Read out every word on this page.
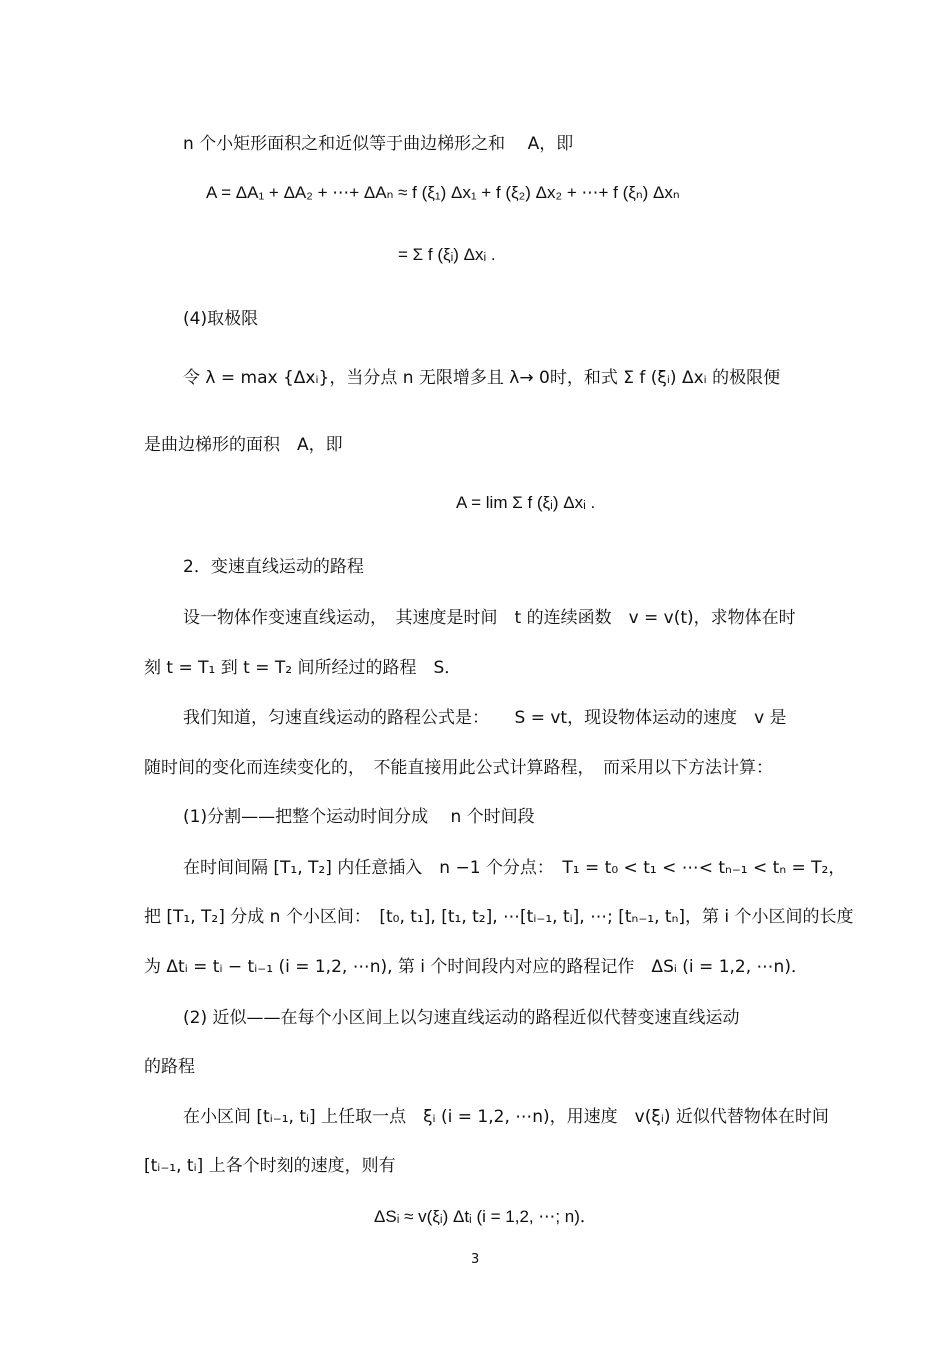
n 个小矩形面积之和近似等于曲边梯形之和　 A，即
A = ΔA₁ + ΔA₂ + ⋯+ ΔAₙ ≈ f (ξ₁) Δx₁ + f (ξ₂) Δx₂ + ⋯+ f (ξₙ) Δxₙ
= Σ f (ξᵢ) Δxᵢ .
(4)取极限
令 λ = max {Δxᵢ}，当分点 n 无限增多且 λ→ 0时，和式 Σ f (ξᵢ) Δxᵢ 的极限便
是曲边梯形的面积　A，即
A = lim Σ f (ξᵢ) Δxᵢ .
2．变速直线运动的路程
设一物体作变速直线运动，　其速度是时间　t 的连续函数　v = v(t)，求物体在时
刻 t = T₁ 到 t = T₂ 间所经过的路程　S．
我们知道，匀速直线运动的路程公式是：　　S = vt，现设物体运动的速度　v 是
随时间的变化而连续变化的，　不能直接用此公式计算路程，　而采用以下方法计算：
(1)分割——把整个运动时间分成　 n 个时间段
在时间间隔 [T₁, T₂] 内任意插入　n −1 个分点：　T₁ = t₀ < t₁ < ⋯< tₙ₋₁ < tₙ = T₂，
把 [T₁, T₂] 分成 n 个小区间：　[t₀, t₁], [t₁, t₂], ⋯[tᵢ₋₁, tᵢ], ⋯; [tₙ₋₁, tₙ]，第 i 个小区间的长度
为 Δtᵢ = tᵢ − tᵢ₋₁ (i = 1,2, ⋯n), 第 i 个时间段内对应的路程记作　ΔSᵢ (i = 1,2, ⋯n)．
(2) 近似——在每个小区间上以匀速直线运动的路程近似代替变速直线运动
的路程
在小区间 [tᵢ₋₁, tᵢ] 上任取一点　ξᵢ (i = 1,2, ⋯n)，用速度　v(ξᵢ) 近似代替物体在时间
[tᵢ₋₁, tᵢ] 上各个时刻的速度，则有
ΔSᵢ ≈ v(ξᵢ) Δtᵢ (i = 1,2, ⋯; n)．
3
